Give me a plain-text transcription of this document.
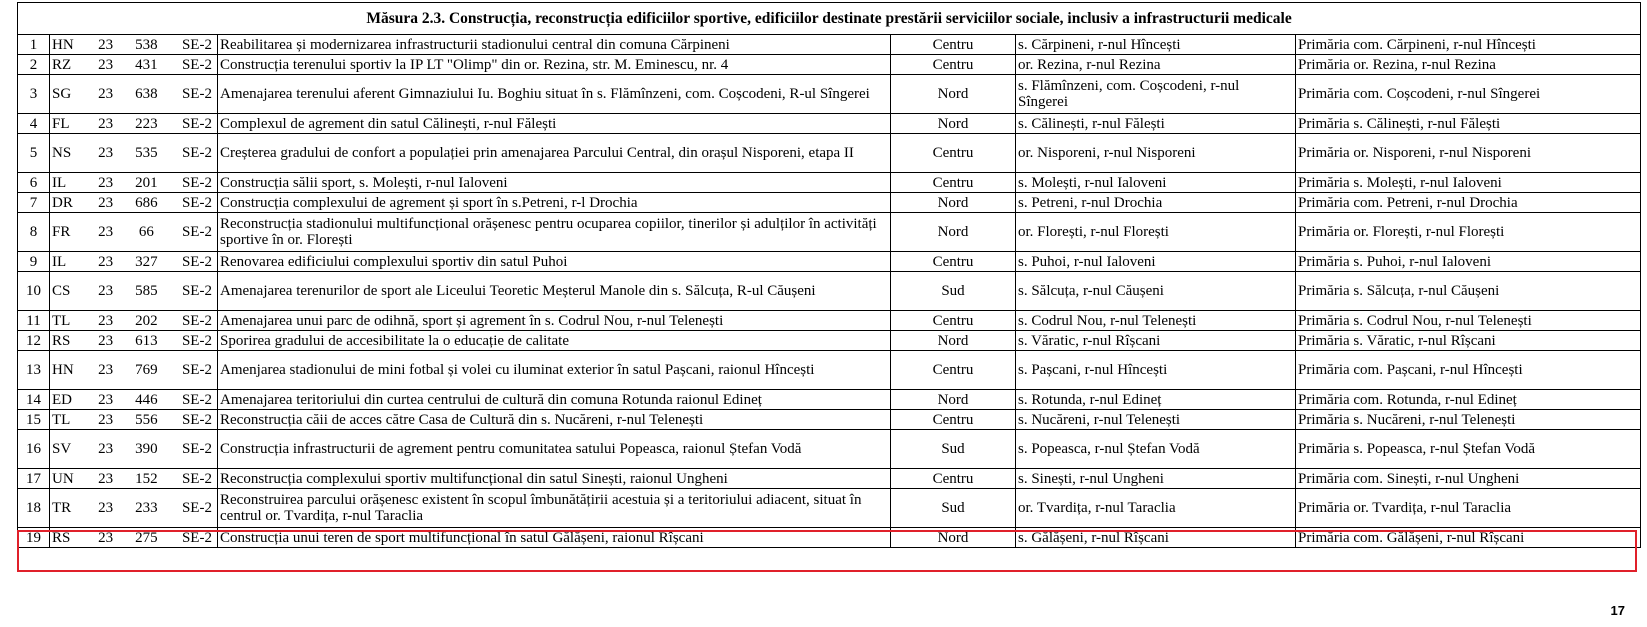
Măsura 2.3. Construcția, reconstrucția edificiilor sportive, edificiilor destinate prestării serviciilor sociale, inclusiv a infrastructurii medicale					
1	HN 23 538 SE-2	Reabilitarea și modernizarea infrastructurii stadionului central din comuna Cărpineni	Centru	s. Cărpineni, r-nul Hîncești	Primăria com. Cărpineni, r-nul Hîncești
2	RZ 23 431 SE-2	Construcția terenului sportiv la IP LT "Olimp" din or. Rezina, str. M. Eminescu, nr. 4	Centru	or. Rezina, r-nul Rezina	Primăria or. Rezina, r-nul Rezina
3	SG 23 638 SE-2	Amenajarea terenului aferent Gimnaziului Iu. Boghiu situat în s. Flămînzeni, com. Coșcodeni, R-ul Sîngerei	Nord	s. Flămînzeni, com. Coșcodeni, r-nul Sîngerei	Primăria com. Coșcodeni, r-nul Sîngerei
4	FL 23 223 SE-2	Complexul de agrement din satul Călinești, r-nul Fălești	Nord	s. Călinești, r-nul Fălești	Primăria s. Călinești, r-nul Fălești
5	NS 23 535 SE-2	Creșterea gradului de confort a populației prin amenajarea Parcului Central, din orașul Nisporeni, etapa II	Centru	or. Nisporeni, r-nul Nisporeni	Primăria or. Nisporeni, r-nul Nisporeni
6	IL 23 201 SE-2	Construcția sălii sport, s. Molești, r-nul Ialoveni	Centru	s. Molești, r-nul Ialoveni	Primăria s. Molești, r-nul Ialoveni
7	DR 23 686 SE-2	Construcția complexului de agrement și sport în s.Petreni, r-l Drochia	Nord	s. Petreni, r-nul Drochia	Primăria com. Petreni, r-nul Drochia
8	FR 23 66 SE-2	Reconstrucția stadionului multifuncțional orășenesc pentru ocuparea copiilor, tinerilor și adulților în activități sportive în or. Florești	Nord	or. Florești, r-nul Florești	Primăria or. Florești, r-nul Florești
9	IL 23 327 SE-2	Renovarea edificiului complexului sportiv din satul Puhoi	Centru	s. Puhoi, r-nul Ialoveni	Primăria s. Puhoi, r-nul Ialoveni
10	CS 23 585 SE-2	Amenajarea terenurilor de sport ale Liceului Teoretic Meșterul Manole din s. Sălcuța, R-ul Căușeni	Sud	s. Sălcuța, r-nul Căușeni	Primăria s. Sălcuța, r-nul Căușeni
11	TL 23 202 SE-2	Amenajarea unui parc de odihnă, sport și agrement în s. Codrul Nou, r-nul Telenești	Centru	s. Codrul Nou, r-nul Telenești	Primăria s. Codrul Nou, r-nul Telenești
12	RS 23 613 SE-2	Sporirea gradului de accesibilitate la o educație de calitate	Nord	s. Văratic, r-nul Rîșcani	Primăria s. Văratic, r-nul Rîșcani
13	HN 23 769 SE-2	Amenjarea stadionului de mini fotbal și volei cu iluminat exterior în satul Pașcani, raionul Hîncești	Centru	s. Pașcani, r-nul Hîncești	Primăria com. Pașcani, r-nul Hîncești
14	ED 23 446 SE-2	Amenajarea teritoriului din curtea centrului de cultură din comuna Rotunda raionul Edineț	Nord	s. Rotunda, r-nul Edineț	Primăria com. Rotunda, r-nul Edineț
15	TL 23 556 SE-2	Reconstrucția căii de acces către Casa de Cultură din s. Nucăreni, r-nul Telenești	Centru	s. Nucăreni, r-nul Telenești	Primăria s. Nucăreni, r-nul Telenești
16	SV 23 390 SE-2	Construcția infrastructurii de agrement pentru comunitatea satului Popeasca, raionul Ștefan Vodă	Sud	s. Popeasca, r-nul Ștefan Vodă	Primăria s. Popeasca, r-nul Ștefan Vodă
17	UN 23 152 SE-2	Reconstrucția complexului sportiv multifuncțional din satul Sinești, raionul Ungheni	Centru	s. Sinești, r-nul Ungheni	Primăria com. Sinești, r-nul Ungheni
18	TR 23 233 SE-2	Reconstruirea parcului orășenesc existent în scopul îmbunătățirii acestuia și a teritoriului adiacent, situat în centrul or. Tvardița, r-nul Taraclia	Sud	or. Tvardița, r-nul Taraclia	Primăria or. Tvardița, r-nul Taraclia
19	RS 23 275 SE-2	Construcția unui teren de sport multifuncțional în satul Gălășeni, raionul Rîșcani	Nord	s. Gălășeni, r-nul Rîșcani	Primăria com. Gălășeni, r-nul Rîșcani
17
